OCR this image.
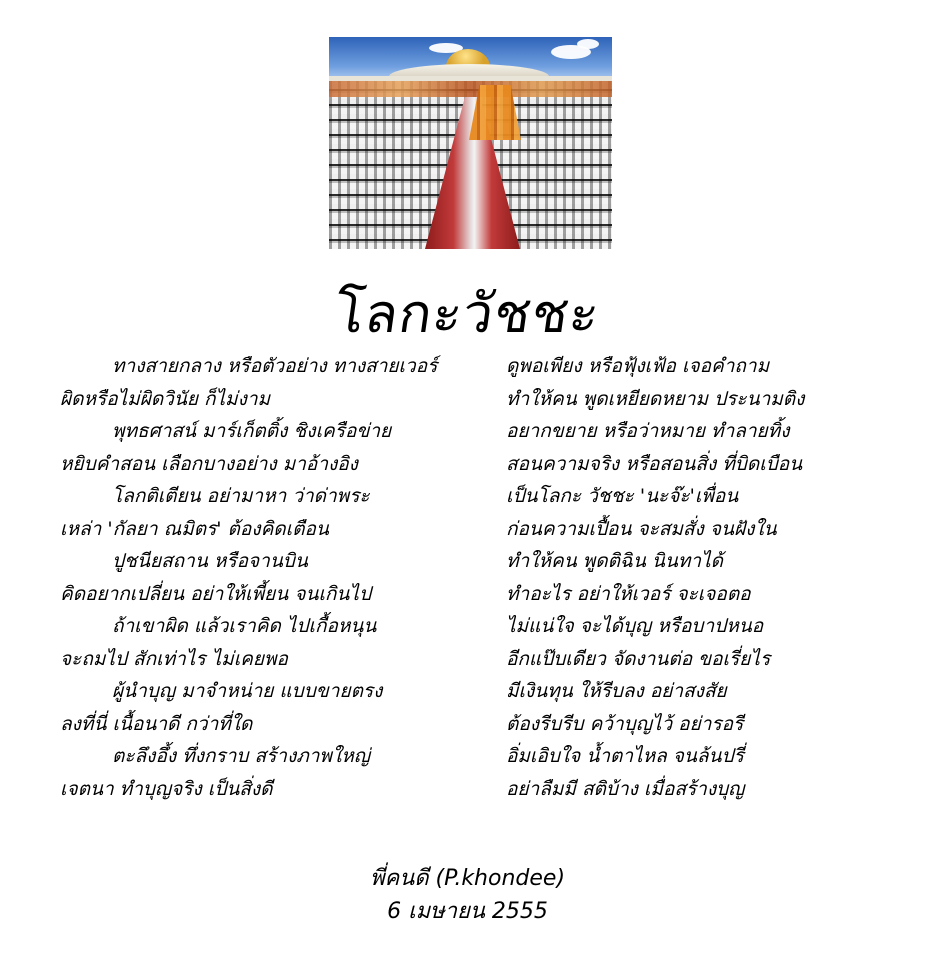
โลกะวัชชะ
ทางสายกลาง หรือตัวอย่าง ทางสายเวอร์
ผิดหรือไม่ผิดวินัย ก็ไม่งาม
พุทธศาสน์ มาร์เก็ตติ้ง ชิงเครือข่าย
หยิบคำสอน เลือกบางอย่าง มาอ้างอิง
โลกติเตียน อย่ามาหา ว่าด่าพระ
เหล่า 'กัลยา ณมิตร' ต้องคิดเตือน
ปูชนียสถาน หรือจานบิน
คิดอยากเปลี่ยน อย่าให้เพี้ยน จนเกินไป
ถ้าเขาผิด แล้วเราคิด ไปเกื้อหนุน
จะถมไป สักเท่าไร ไม่เคยพอ
ผู้นำบุญ มาจำหน่าย แบบขายตรง
ลงที่นี่ เนื้อนาดี กว่าที่ใด
ตะลึงอึ้ง ทึ่งกราบ สร้างภาพใหญ่
เจตนา ทำบุญจริง เป็นสิ่งดี
ดูพอเพียง หรือฟุ้งเฟ้อ เจอคำถาม
ทำให้คน พูดเหยียดหยาม ประนามติง
อยากขยาย หรือว่าหมาย ทำลายทิ้ง
สอนความจริง หรือสอนสิ่ง ที่บิดเบือน
เป็นโลกะ วัชชะ 'นะจ๊ะ'เพื่อน
ก่อนความเปื้อน จะสมสั่ง จนฝังใน
ทำให้คน พูดติฉิน นินทาได้
ทำอะไร อย่าให้เวอร์ จะเจอตอ
ไม่แน่ใจ จะได้บุญ หรือบาปหนอ
อีกแป๊บเดียว จัดงานต่อ ขอเรี่ยไร
มีเงินทุน ให้รีบลง อย่าสงสัย
ต้องรีบรีบ คว้าบุญไว้ อย่ารอรี
อิ่มเอิบใจ น้ำตาไหล จนล้นปรี่
อย่าลืมมี สติบ้าง เมื่อสร้างบุญ
พี่คนดี (P.khondee)
6 เมษายน 2555
